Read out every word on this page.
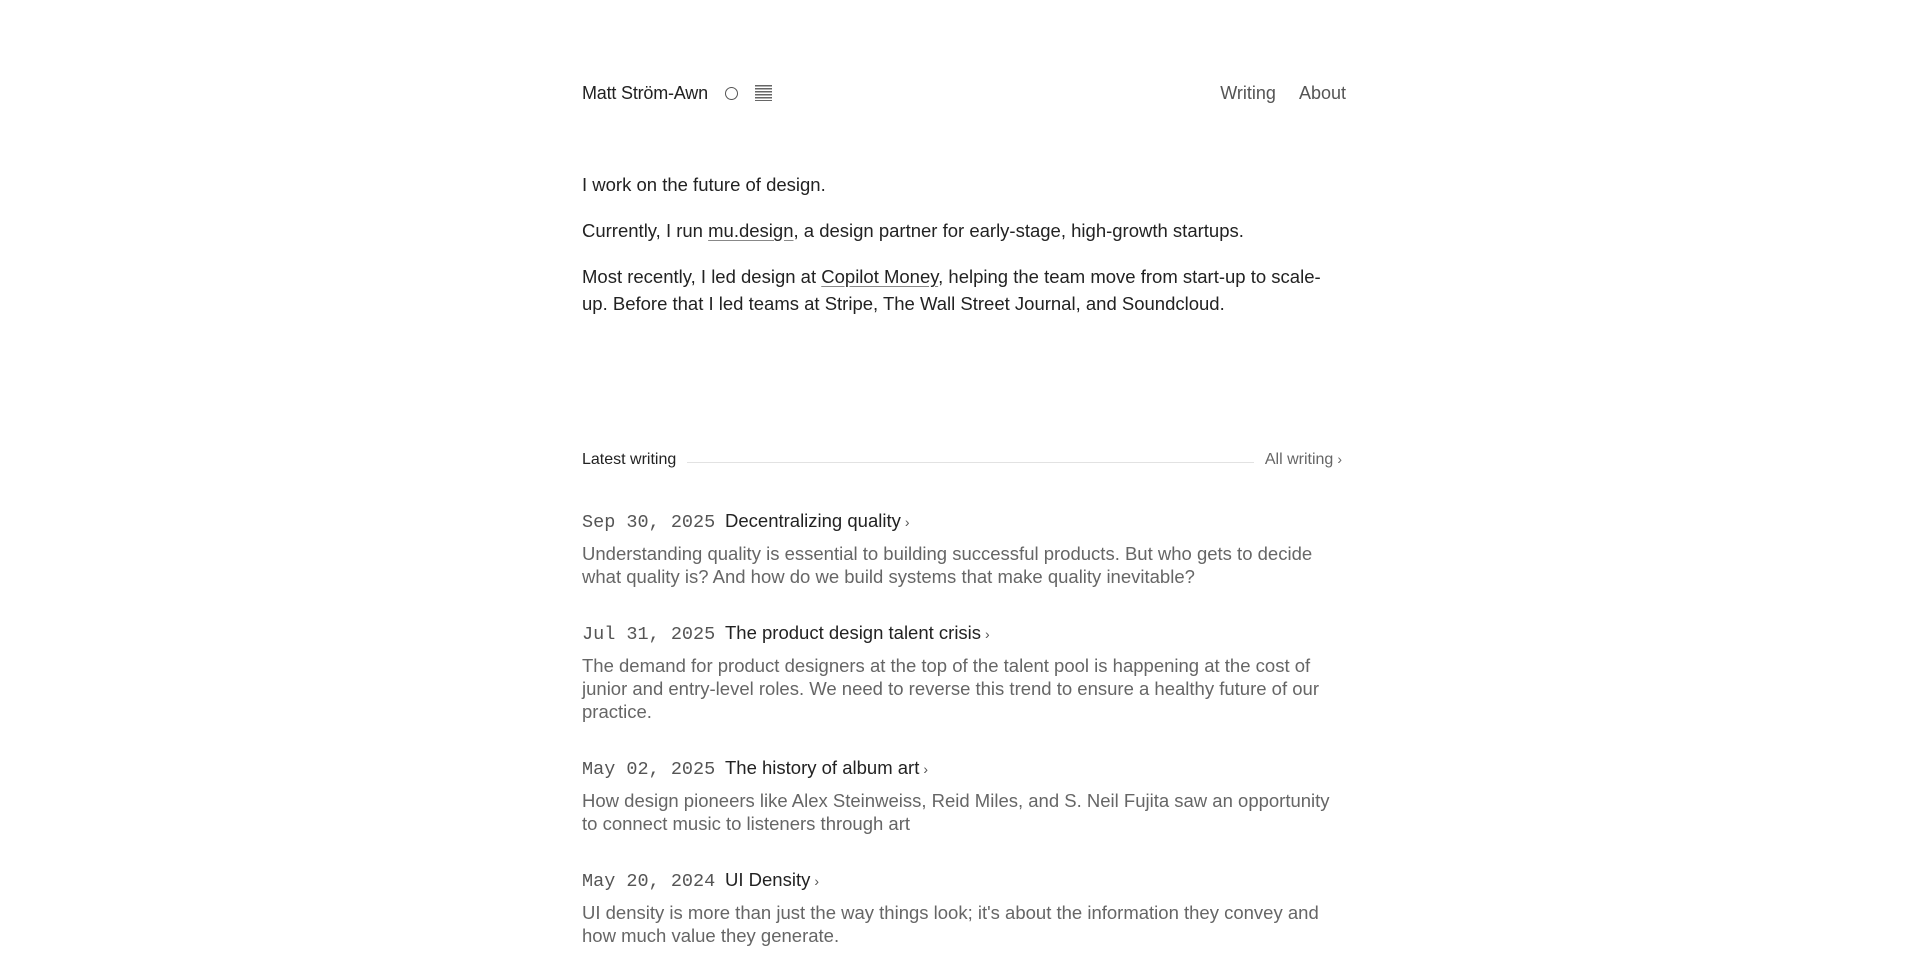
Matt Ström-Awn	Writing About

I work on the future of design.

Currently, I run mu.design, a design partner for early-stage, high-growth startups.

Most recently, I led design at Copilot Money, helping the team move from start-up to scale-up. Before that I led teams at Stripe, The Wall Street Journal, and Soundcloud.

Latest writing	All writing ›
Sep 30, 2025 Decentralizing quality ›

Understanding quality is essential to building successful products. But who gets to decide what quality is? And how do we build systems that make quality inevitable?

Jul 31, 2025 The product design talent crisis ›

The demand for product designers at the top of the talent pool is happening at the cost of junior and entry-level roles. We need to reverse this trend to ensure a healthy future of our practice.

May 02, 2025 The history of album art ›

How design pioneers like Alex Steinweiss, Reid Miles, and S. Neil Fujita saw an opportunity to connect music to listeners through art

May 20, 2024 UI Density ›

UI density is more than just the way things look; it's about the information they convey and how much value they generate.
